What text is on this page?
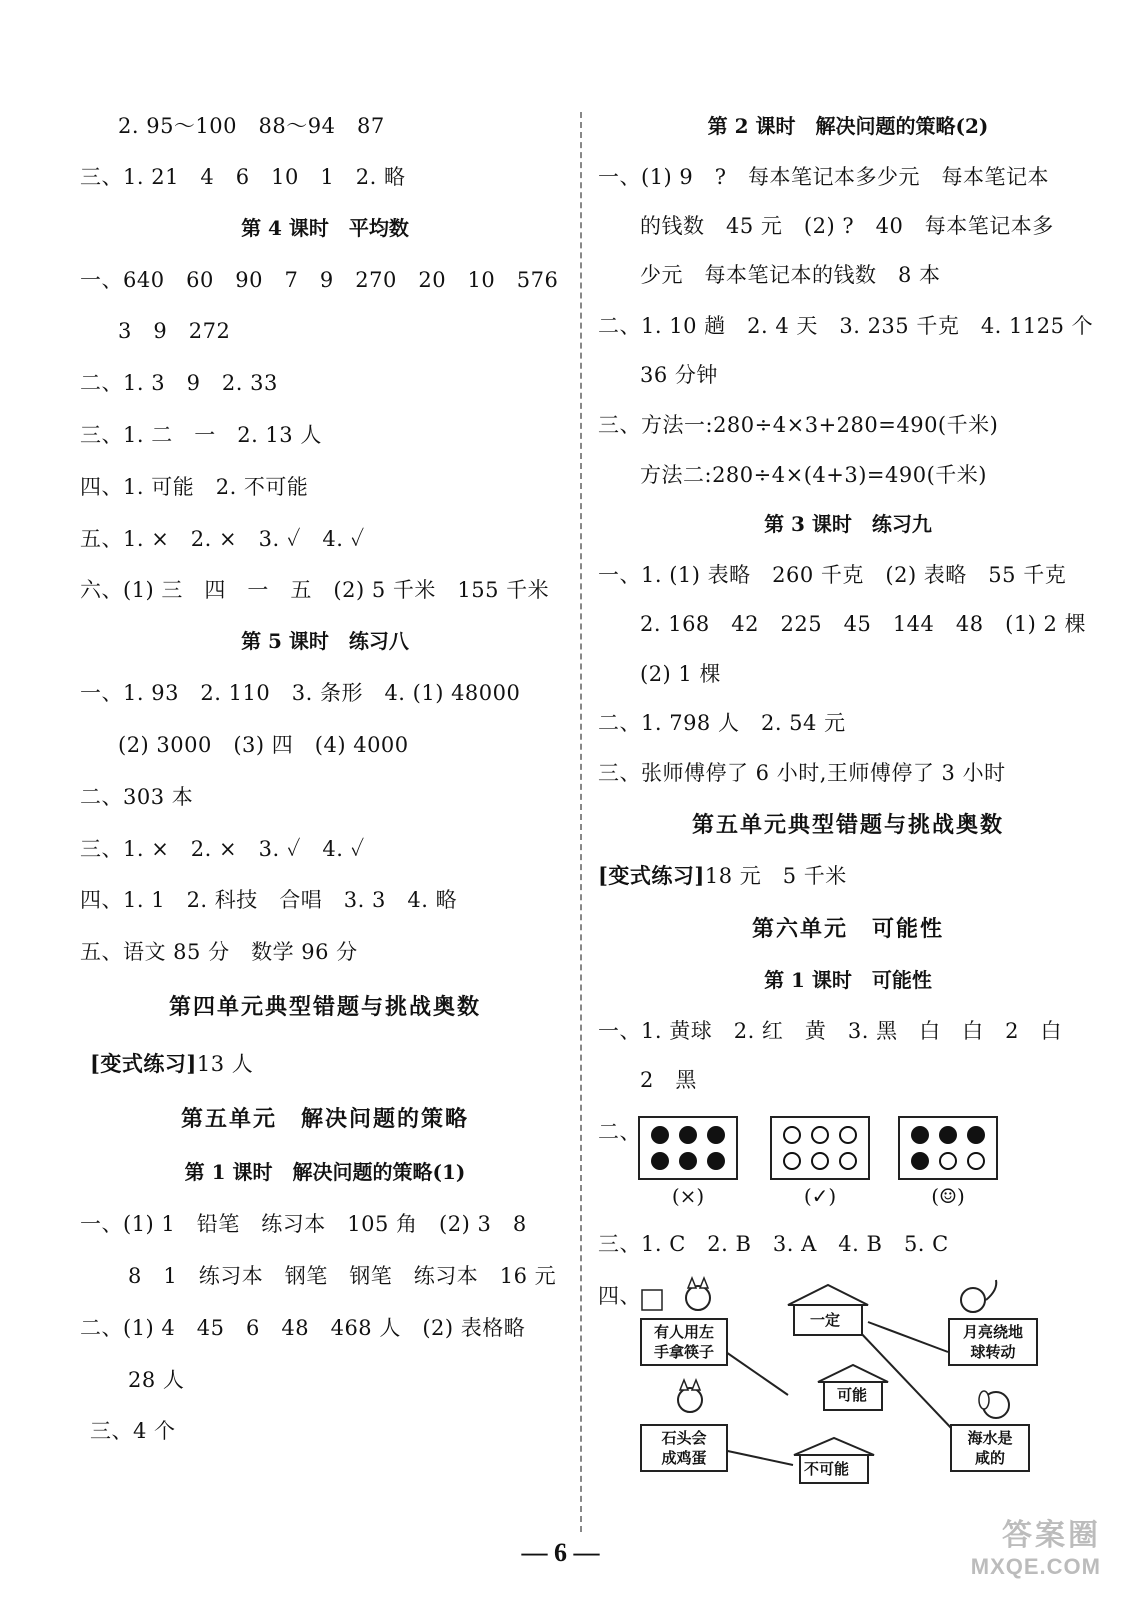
2. 95～100　88～94　87
三、1. 21　4　6　10　1　2. 略
第 4 课时　平均数
一、640　60　90　7　9　270　20　10　576
3　9　272
二、1. 3　9　2. 33
三、1. 二　一　2. 13 人
四、1. 可能　2. 不可能
五、1. ×　2. ×　3. ✓　4. ✓
六、(1) 三　四　一　五　(2) 5 千米　155 千米
第 5 课时　练习八
一、1. 93　2. 110　3. 条形　4. (1) 48000
(2) 3000　(3) 四　(4) 4000
二、303 本
三、1. ×　2. ×　3. ✓　4. ✓
四、1. 1　2. 科技　合唱　3. 3　4. 略
五、语文 85 分　数学 96 分
第四单元典型错题与挑战奥数
[变式练习]13 人
第五单元　解决问题的策略
第 1 课时　解决问题的策略(1)
一、(1) 1　铅笔　练习本　105 角　(2) 3　8
8　1　练习本　钢笔　钢笔　练习本　16 元
二、(1) 4　45　6　48　468 人　(2) 表格略
28 人
三、4 个
第 2 课时　解决问题的策略(2)
一、(1) 9　?　每本笔记本多少元　每本笔记本
的钱数　45 元　(2) ?　40　每本笔记本多
少元　每本笔记本的钱数　8 本
二、1. 10 趟　2. 4 天　3. 235 千克　4. 1125 个
36 分钟
三、方法一:280÷4×3+280=490(千米)
方法二:280÷4×(4+3)=490(千米)
第 3 课时　练习九
一、1. (1) 表略　260 千克　(2) 表略　55 千克
2. 168　42　225　45　144　48　(1) 2 棵
(2) 1 棵
二、1. 798 人　2. 54 元
三、张师傅停了 6 小时,王师傅停了 3 小时
第五单元典型错题与挑战奥数
[变式练习]18 元　5 千米
第六单元　可能性
第 1 课时　可能性
一、1. 黄球　2. 红　黄　3. 黑　白　白　2　白
2　黑
二、
(×)	(✓)	(☺)
三、1. C　2. B　3. A　4. B　5. C
四、
有人用左
手拿筷子
石头会
成鸡蛋
月亮绕地
球转动
海水是
咸的
一定
可能
不可能
— 6 —
答案圈
MXQE.COM
